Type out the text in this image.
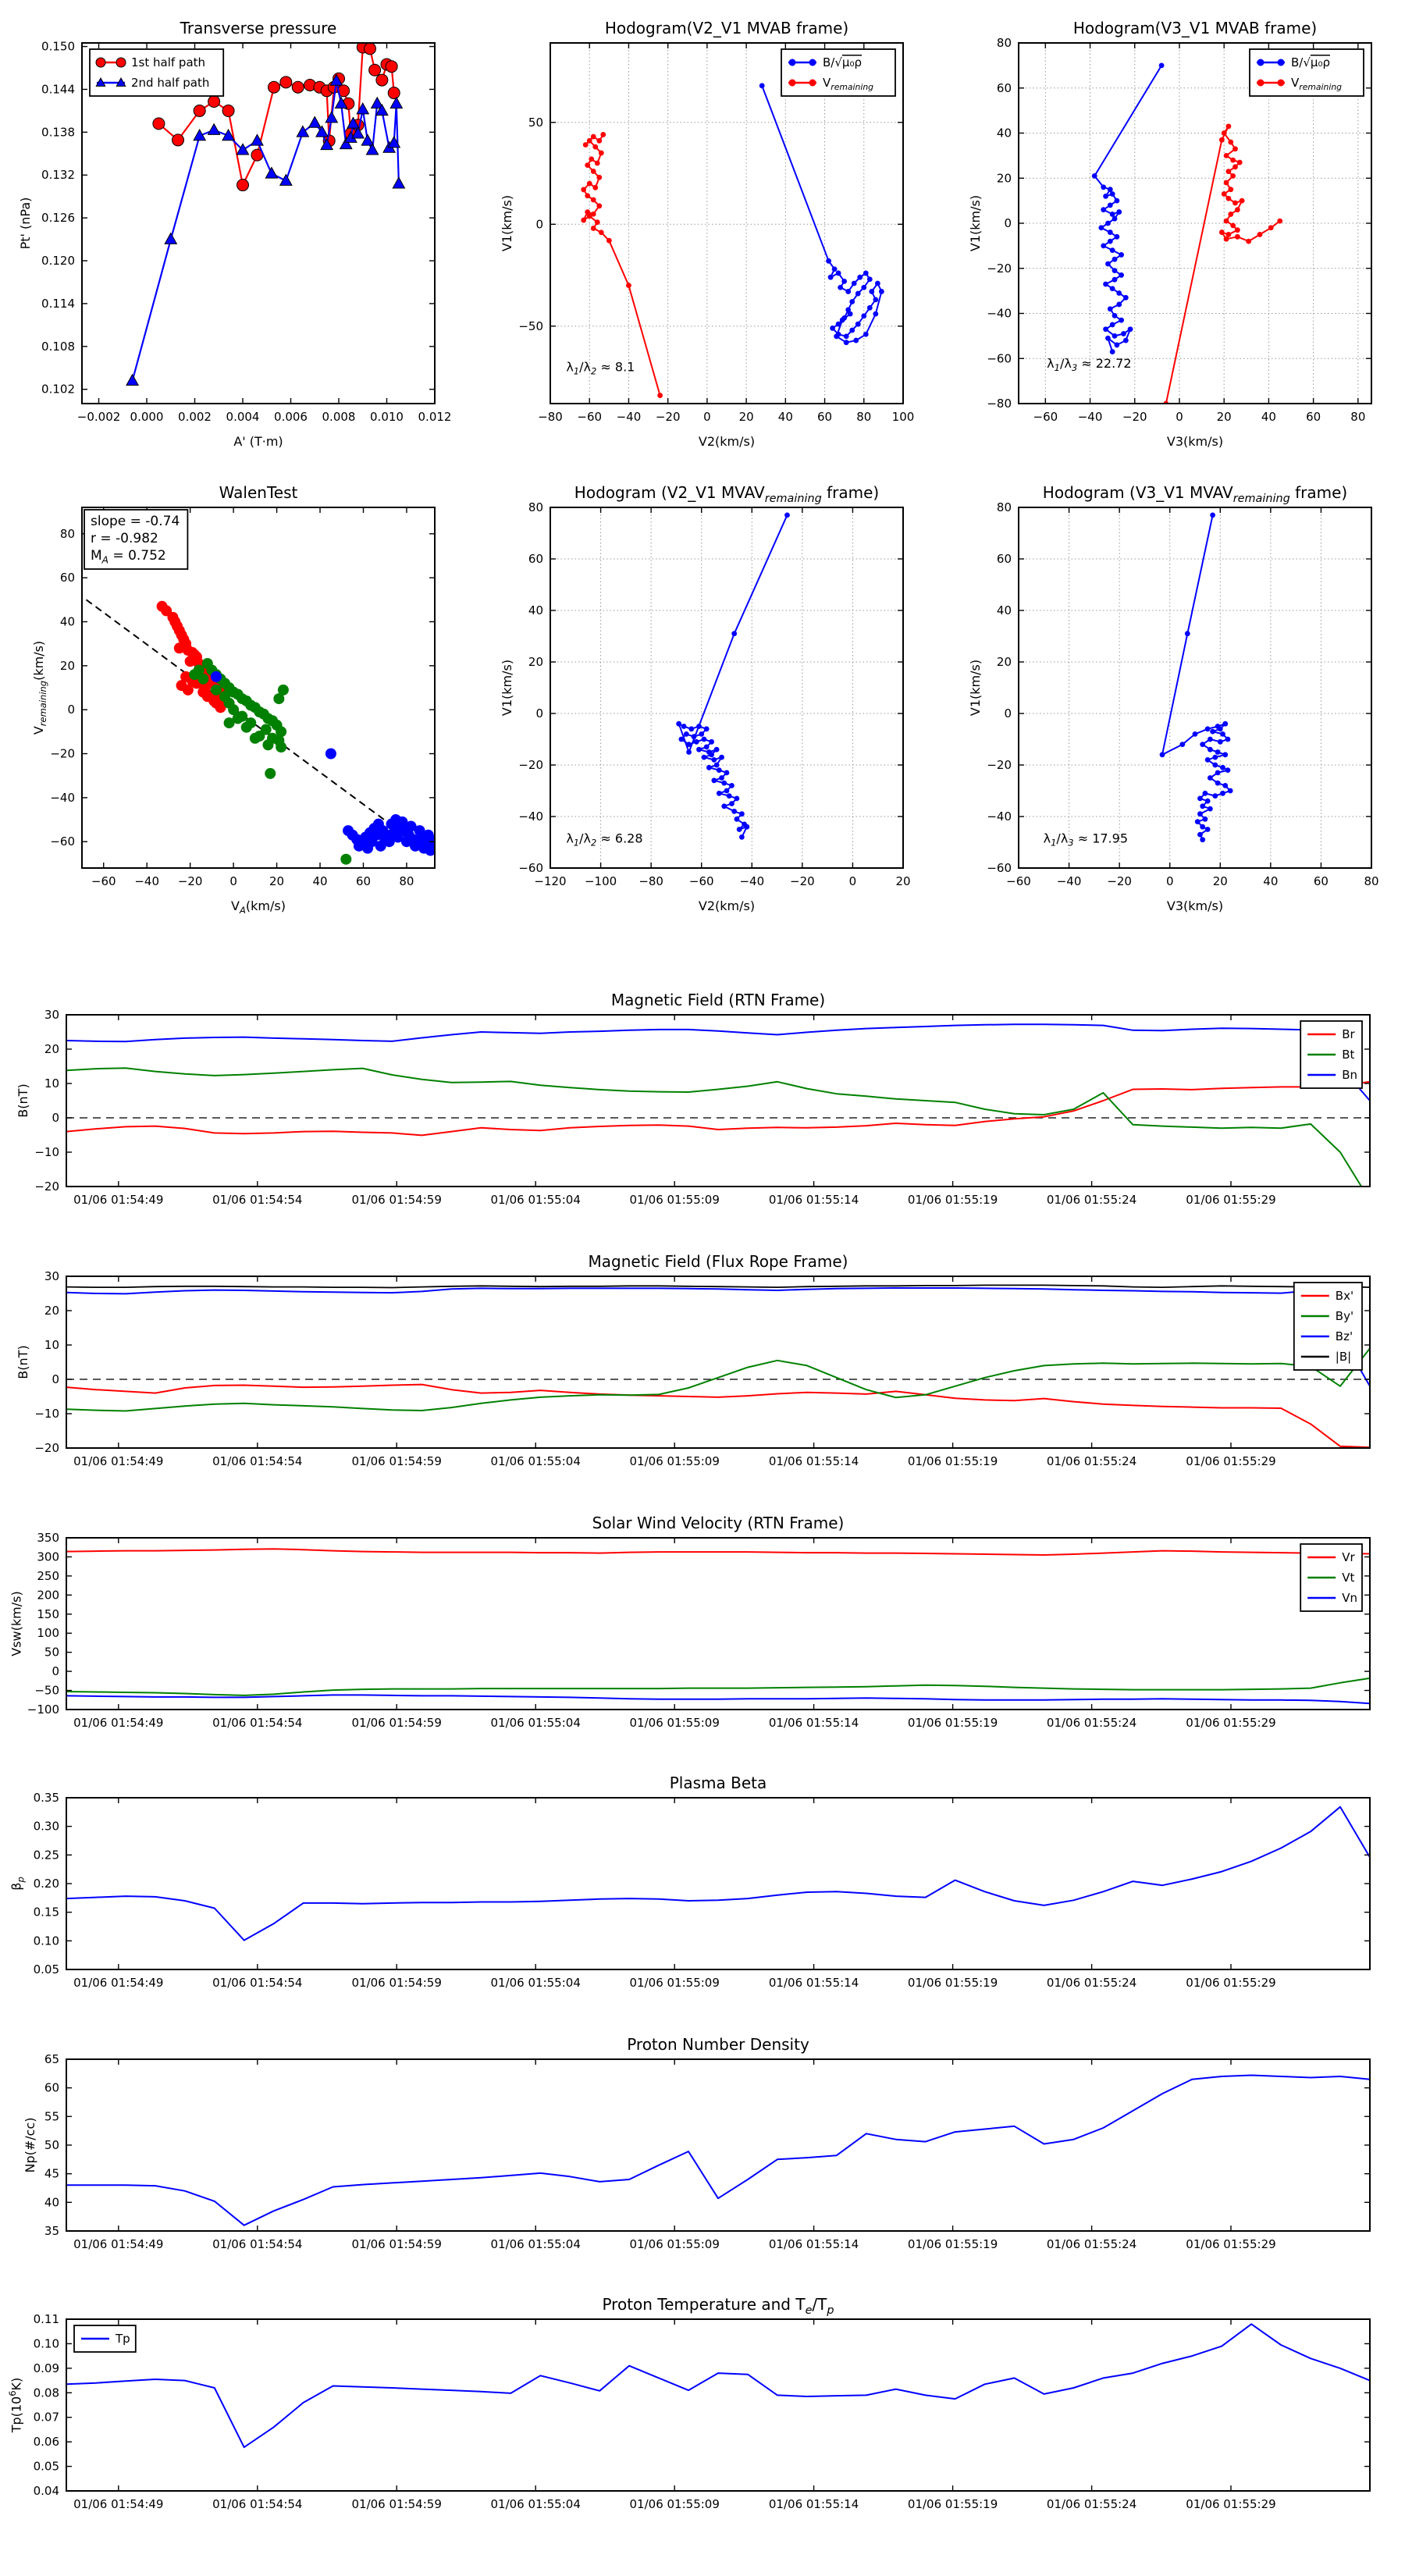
−0.002 0.000 0.002 0.004 0.006 0.008 0.010 0.012
0.150
0.144
0.138
0.132
0.126
0.120
0.114
0.108
0.102
Transverse pressure
A' (T·m)
Pt' (nPa)
1st half path
2nd half path
−80 −60 −40 −20 0 20 40 60 80 100
50
0
−50
Hodogram(V2_V1 MVAB frame)
V2(km/s)
V1(km/s)
B/√μ₀ρ
$V_{remaining}$
$\lambda_1/\lambda_2 \approx 8.1$
−60 −40 −20 0	20	40	60	80
80
60
40
20
0
−20
−40
−60
−80
Hodogram(V3_V1 MVAB frame)
V3(km/s)
V1(km/s)
B/√μ₀ρ
$V_{remaining}$
$\lambda_1/\lambda_3 \approx 22.72$
−60 −40 −20 0	20 40 60 80
80
60
40
20
0
−20
−40
−60
WalenTest
$V_A(km/s)$
$V_{remaining}(km/s)$
slope = -0.74
r = -0.982
$M_A = 0.752$
−120 −100 −80 −60 −40 −20	0	20
80
60
40
20
0
−20
−40
−60
Hodogram (V2_V1 $MVAV_{remaining}$ frame)
V2(km/s)
V1(km/s)
$\lambda_1/\lambda_2 \approx 6.28$
−60 −40 −20	0	20	40	60	80
80
60
40
20
0
−20
−40
−60
Hodogram (V3_V1 $MVAV_{remaining}$ frame)
V3(km/s)
V1(km/s)
$\lambda_1/\lambda_3 \approx 17.95$
01/06 01:54:49	01/06 01:54:54	01/06 01:54:59	01/06 01:55:04	01/06 01:55:09	01/06 01:55:14	01/06 01:55:19	01/06 01:55:24	01/06 01:55:29
30
20
10
0
−10
−20
Magnetic Field (RTN Frame)
B(nT)
Br
Bt
Bn
01/06 01:54:49	01/06 01:54:54	01/06 01:54:59	01/06 01:55:04	01/06 01:55:09	01/06 01:55:14	01/06 01:55:19	01/06 01:55:24	01/06 01:55:29
30
20
10
0
−10
−20
Magnetic Field (Flux Rope Frame)
B(nT)
Bx'
By'
Bz'
|B|
01/06 01:54:49	01/06 01:54:54	01/06 01:54:59	01/06 01:55:04	01/06 01:55:09	01/06 01:55:14	01/06 01:55:19	01/06 01:55:24	01/06 01:55:29
350
300
250
200
150
100
50
0
−50
−100
Solar Wind Velocity (RTN Frame)
Vsw(km/s)
Vr
Vt
Vn
01/06 01:54:49	01/06 01:54:54	01/06 01:54:59	01/06 01:55:04	01/06 01:55:09	01/06 01:55:14	01/06 01:55:19	01/06 01:55:24	01/06 01:55:29
0.35
0.30
0.25
0.20
0.15
0.10
0.05
Plasma Beta
$\beta_p$
01/06 01:54:49	01/06 01:54:54	01/06 01:54:59	01/06 01:55:04	01/06 01:55:09	01/06 01:55:14	01/06 01:55:19	01/06 01:55:24	01/06 01:55:29
65
60
55
50
45
40
35
Proton Number Density
Np(#/cc)
01/06 01:54:49	01/06 01:54:54	01/06 01:54:59	01/06 01:55:04	01/06 01:55:09	01/06 01:55:14	01/06 01:55:19	01/06 01:55:24	01/06 01:55:29
0.11
0.10
0.09
0.08
0.07
0.06
0.05
0.04
Proton Temperature and $T_e/T_p$
$Tp(10^6K)$
Tp
